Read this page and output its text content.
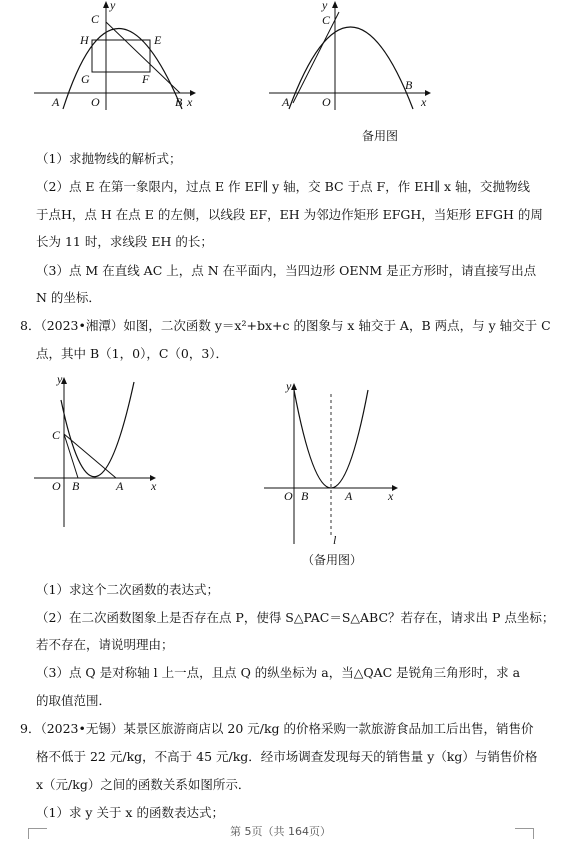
y
C
H	E
G	F
A	O	B x
y
C
A	O
B
x
备用图
（1）求抛物线的解析式；
（2）点 E 在第一象限内，过点 E 作 EF∥ y 轴，交 BC 于点 F，作 EH∥ x 轴，交抛物线
于点H，点 H 在点 E 的左侧，以线段 EF，EH 为邻边作矩形 EFGH，当矩形 EFGH 的周
长为 11 时，求线段 EH 的长；
（3）点 M 在直线 AC 上，点 N 在平面内，当四边形 OENM 是正方形时，请直接写出点
N 的坐标．
8．（2023•湘潭）如图，二次函数 y＝x²+bx+c 的图象与 x 轴交于 A，B 两点，与 y 轴交于 C
点，其中 B（1，0），C（0，3）．
y
C
O B	A x
y
O B	A	x
l
（备用图）
（1）求这个二次函数的表达式；
（2）在二次函数图象上是否存在点 P，使得 S△PAC＝S△ABC？若存在，请求出 P 点坐标；
若不存在，请说明理由；
（3）点 Q 是对称轴 l 上一点，且点 Q 的纵坐标为 a，当△QAC 是锐角三角形时，求 a
的取值范围．
9．（2023•无锡）某景区旅游商店以 20 元/kg 的价格采购一款旅游食品加工后出售，销售价
格不低于 22 元/kg，不高于 45 元/kg．经市场调查发现每天的销售量 y（kg）与销售价格
x（元/kg）之间的函数关系如图所示．
（1）求 y 关于 x 的函数表达式；
第 5页（共 164页）
